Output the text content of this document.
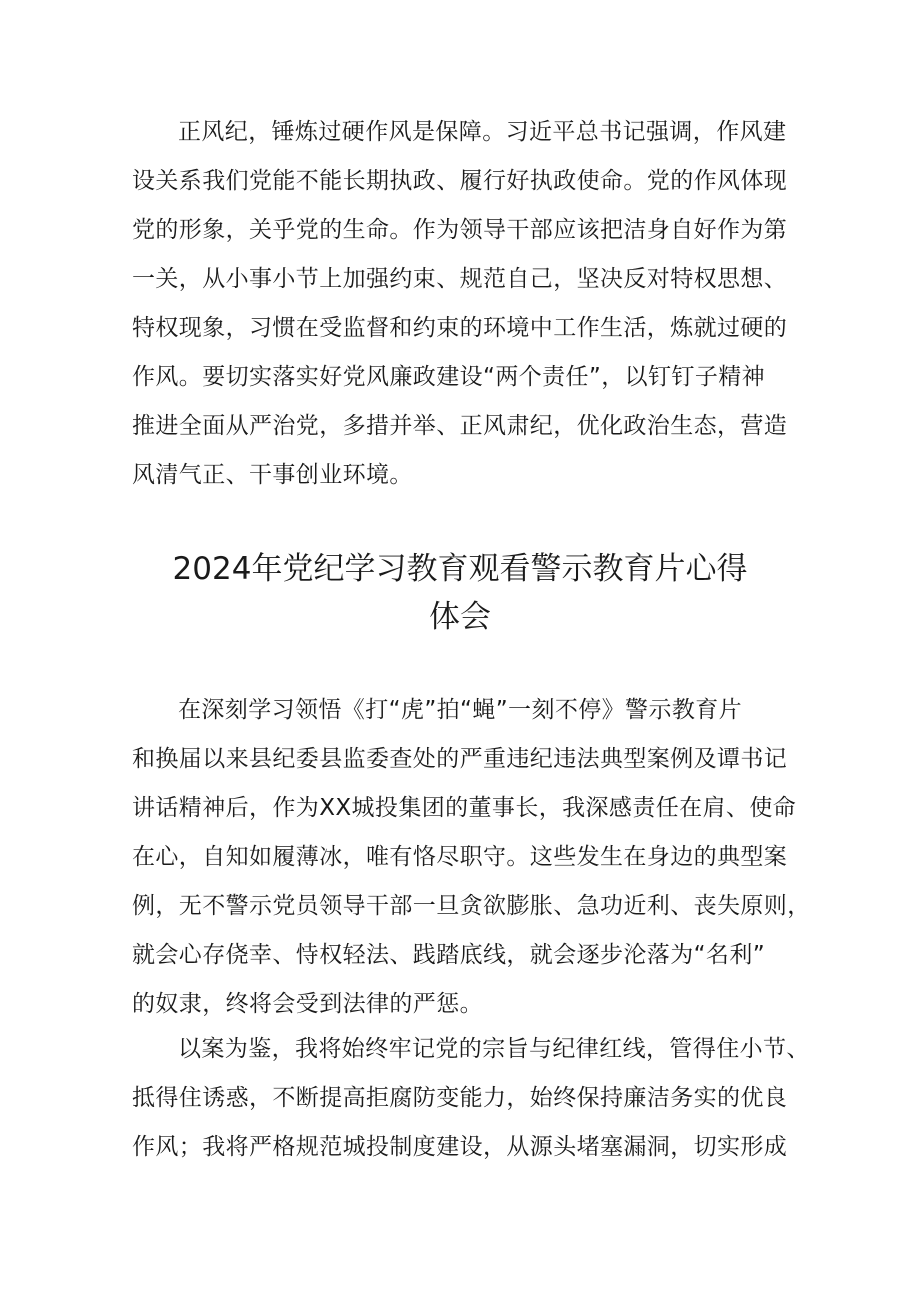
正风纪，锤炼过硬作风是保障。习近平总书记强调，作风建
设关系我们党能不能长期执政、履行好执政使命。党的作风体现
党的形象，关乎党的生命。作为领导干部应该把洁身自好作为第
一关，从小事小节上加强约束、规范自己，坚决反对特权思想、
特权现象，习惯在受监督和约束的环境中工作生活，炼就过硬的
作风。要切实落实好党风廉政建设“两个责任”，以钉钉子精神
推进全面从严治党，多措并举、正风肃纪，优化政治生态，营造
风清气正、干事创业环境。
2024年党纪学习教育观看警示教育片心得
体会
在深刻学习领悟《打“虎”拍“蝇”一刻不停》警示教育片
和换届以来县纪委县监委查处的严重违纪违法典型案例及谭书记
讲话精神后，作为XX城投集团的董事长，我深感责任在肩、使命
在心，自知如履薄冰，唯有恪尽职守。这些发生在身边的典型案
例，无不警示党员领导干部一旦贪欲膨胀、急功近利、丧失原则，
就会心存侥幸、恃权轻法、践踏底线，就会逐步沦落为“名利”
的奴隶，终将会受到法律的严惩。
以案为鉴，我将始终牢记党的宗旨与纪律红线，管得住小节、
抵得住诱惑，不断提高拒腐防变能力，始终保持廉洁务实的优良
作风；我将严格规范城投制度建设，从源头堵塞漏洞，切实形成
